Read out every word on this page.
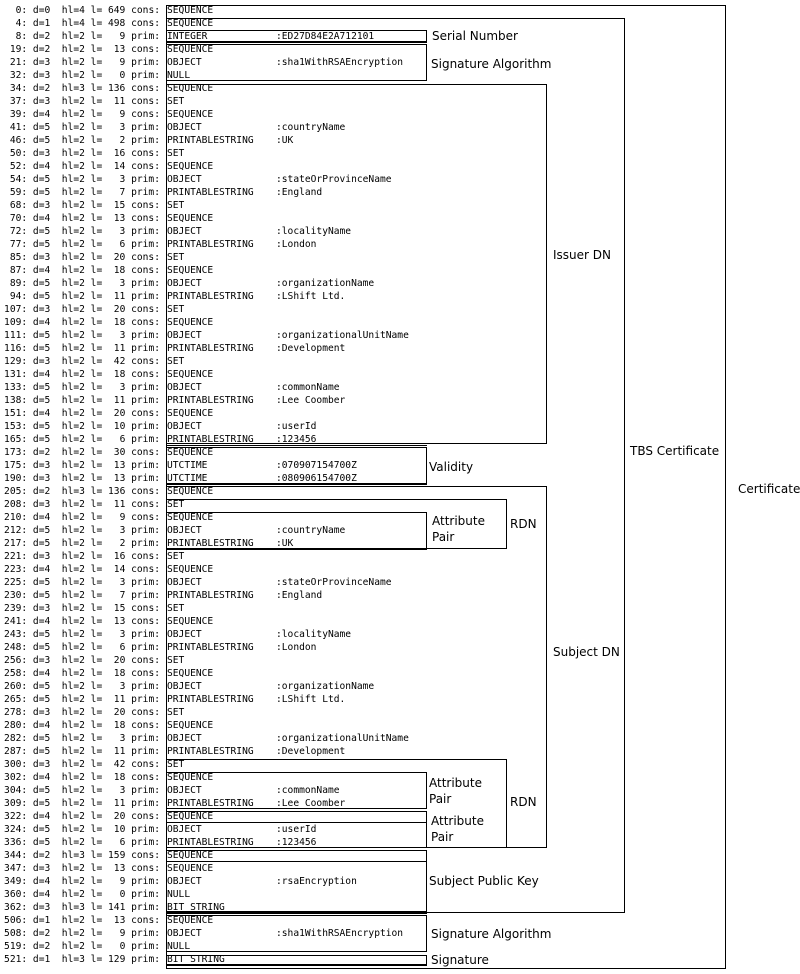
0: d=0  hl=4 l= 649 cons: SEQUENCE
4: d=1  hl=4 l= 498 cons: SEQUENCE
8: d=2  hl=2 l=   9 prim: INTEGER	:ED27D84E2A712101
19: d=2  hl=2 l=  13 cons: SEQUENCE
21: d=3  hl=2 l=   9 prim: OBJECT	:sha1WithRSAEncryption
32: d=3  hl=2 l=   0 prim: NULL
34: d=2  hl=3 l= 136 cons: SEQUENCE
37: d=3  hl=2 l=  11 cons: SET
39: d=4  hl=2 l=   9 cons: SEQUENCE
41: d=5  hl=2 l=   3 prim: OBJECT	:countryName
46: d=5  hl=2 l=   2 prim: PRINTABLESTRING :UK
50: d=3  hl=2 l=  16 cons: SET
52: d=4  hl=2 l=  14 cons: SEQUENCE
54: d=5  hl=2 l=   3 prim: OBJECT	:stateOrProvinceName
59: d=5  hl=2 l=   7 prim: PRINTABLESTRING :England
68: d=3  hl=2 l=  15 cons: SET
70: d=4  hl=2 l=  13 cons: SEQUENCE
72: d=5  hl=2 l=   3 prim: OBJECT	:localityName
77: d=5  hl=2 l=   6 prim: PRINTABLESTRING :London
85: d=3  hl=2 l=  20 cons: SET
87: d=4  hl=2 l=  18 cons: SEQUENCE
89: d=5  hl=2 l=   3 prim: OBJECT	:organizationName
94: d=5  hl=2 l=  11 prim: PRINTABLESTRING :LShift Ltd.
107: d=3  hl=2 l=  20 cons: SET
109: d=4  hl=2 l=  18 cons: SEQUENCE
111: d=5  hl=2 l=   3 prim: OBJECT	:organizationalUnitName
116: d=5  hl=2 l=  11 prim: PRINTABLESTRING :Development
129: d=3  hl=2 l=  42 cons: SET
131: d=4  hl=2 l=  18 cons: SEQUENCE
133: d=5  hl=2 l=   3 prim: OBJECT	:commonName
138: d=5  hl=2 l=  11 prim: PRINTABLESTRING :Lee Coomber
151: d=4  hl=2 l=  20 cons: SEQUENCE
153: d=5  hl=2 l=  10 prim: OBJECT	:userId
165: d=5  hl=2 l=   6 prim: PRINTABLESTRING	:123456
173: d=2  hl=2 l=  30 cons: SEQUENCE
175: d=3  hl=2 l=  13 prim: UTCTIME	:070907154700Z
190: d=3  hl=2 l=  13 prim: UTCTIME	:080906154700Z
205: d=2  hl=3 l= 136 cons: SEQUENCE
208: d=3  hl=2 l=  11 cons: SET
210: d=4  hl=2 l=   9 cons: SEQUENCE
212: d=5  hl=2 l=   3 prim: OBJECT	:countryName
217: d=5  hl=2 l=   2 prim: PRINTABLESTRING	:UK
221: d=3  hl=2 l=  16 cons: SET
223: d=4  hl=2 l=  14 cons: SEQUENCE
225: d=5  hl=2 l=   3 prim: OBJECT	:stateOrProvinceName
230: d=5  hl=2 l=   7 prim: PRINTABLESTRING :England
239: d=3  hl=2 l=  15 cons: SET
241: d=4  hl=2 l=  13 cons: SEQUENCE
243: d=5  hl=2 l=   3 prim: OBJECT	:localityName
248: d=5  hl=2 l=   6 prim: PRINTABLESTRING :London
256: d=3  hl=2 l=  20 cons: SET
258: d=4  hl=2 l=  18 cons: SEQUENCE
260: d=5  hl=2 l=   3 prim: OBJECT	:organizationName
265: d=5  hl=2 l=  11 prim: PRINTABLESTRING :LShift Ltd.
278: d=3  hl=2 l=  20 cons: SET
280: d=4  hl=2 l=  18 cons: SEQUENCE
282: d=5  hl=2 l=   3 prim: OBJECT	:organizationalUnitName
287: d=5  hl=2 l=  11 prim: PRINTABLESTRING :Development
300: d=3  hl=2 l=  42 cons: SET
302: d=4  hl=2 l=  18 cons: SEQUENCE
304: d=5  hl=2 l=   3 prim: OBJECT	:commonName
309: d=5  hl=2 l=  11 prim: PRINTABLESTRING :Lee Coomber
322: d=4  hl=2 l=  20 cons: SEQUENCE
324: d=5  hl=2 l=  10 prim: OBJECT	:userId
336: d=5  hl=2 l=   6 prim: PRINTABLESTRING :123456
344: d=2  hl=3 l= 159 cons: SEQUENCE
347: d=3  hl=2 l=  13 cons: SEQUENCE
349: d=4  hl=2 l=   9 prim: OBJECT	:rsaEncryption
360: d=4  hl=2 l=   0 prim: NULL
362: d=3  hl=3 l= 141 prim: BIT STRING
506: d=1  hl=2 l=  13 cons: SEQUENCE
508: d=2  hl=2 l=   9 prim: OBJECT	:sha1WithRSAEncryption
519: d=2  hl=2 l=   0 prim: NULL
521: d=1  hl=3 l= 129 prim: BIT STRING
Serial Number
Signature Algorithm
Issuer DN
Validity
Attribute
Pair
RDN
Subject DN
Attribute
Pair	RDN
Attribute
Pair
Subject Public Key
TBS Certificate
Certificate
Signature Algorithm
Signature
